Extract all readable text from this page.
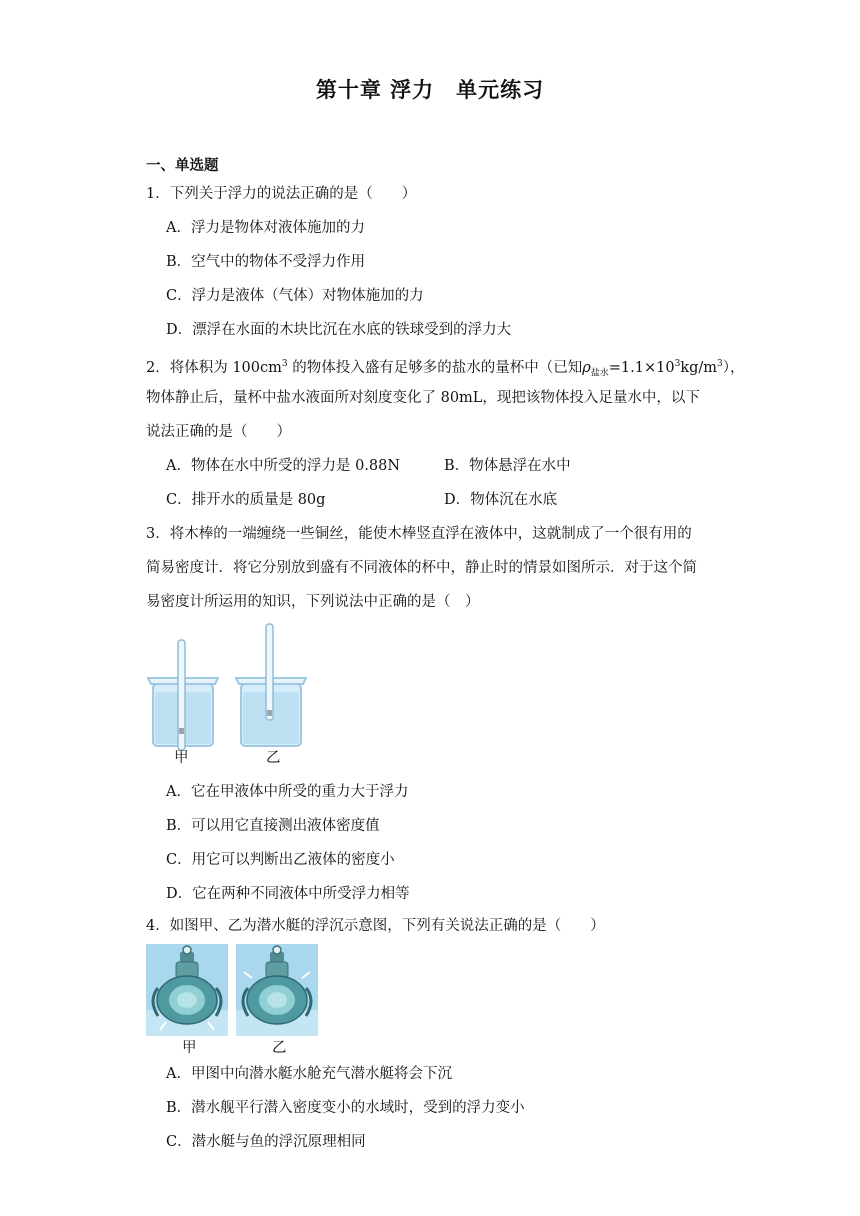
第十章 浮力　单元练习
一、单选题
1．下列关于浮力的说法正确的是（　　）
A．浮力是物体对液体施加的力
B．空气中的物体不受浮力作用
C．浮力是液体（气体）对物体施加的力
D．漂浮在水面的木块比沉在水底的铁球受到的浮力大
2．将体积为 $100cm^3$ 的物体投入盛有足够多的盐水的量杯中（已知$\rho_{盐水}=1.1\times 10^3kg/m^3$），
物体静止后，量杯中盐水液面所对刻度变化了 80mL，现把该物体投入足量水中，以下
说法正确的是（　　）
A．物体在水中所受的浮力是 0.88N	B．物体悬浮在水中
C．排开水的质量是 80g	D．物体沉在水底
3．将木棒的一端缠绕一些铜丝，能使木棒竖直浮在液体中，这就制成了一个很有用的
简易密度计．将它分别放到盛有不同液体的杯中，静止时的情景如图所示．对于这个简
易密度计所运用的知识，下列说法中正确的是（　）
甲	乙
A．它在甲液体中所受的重力大于浮力
B．可以用它直接测出液体密度值
C．用它可以判断出乙液体的密度小
D．它在两种不同液体中所受浮力相等
4．如图甲、乙为潜水艇的浮沉示意图，下列有关说法正确的是（　　）
甲	乙
A．甲图中向潜水艇水舱充气潜水艇将会下沉
B．潜水舰平行潜入密度变小的水域时，受到的浮力变小
C．潜水艇与鱼的浮沉原理相同
